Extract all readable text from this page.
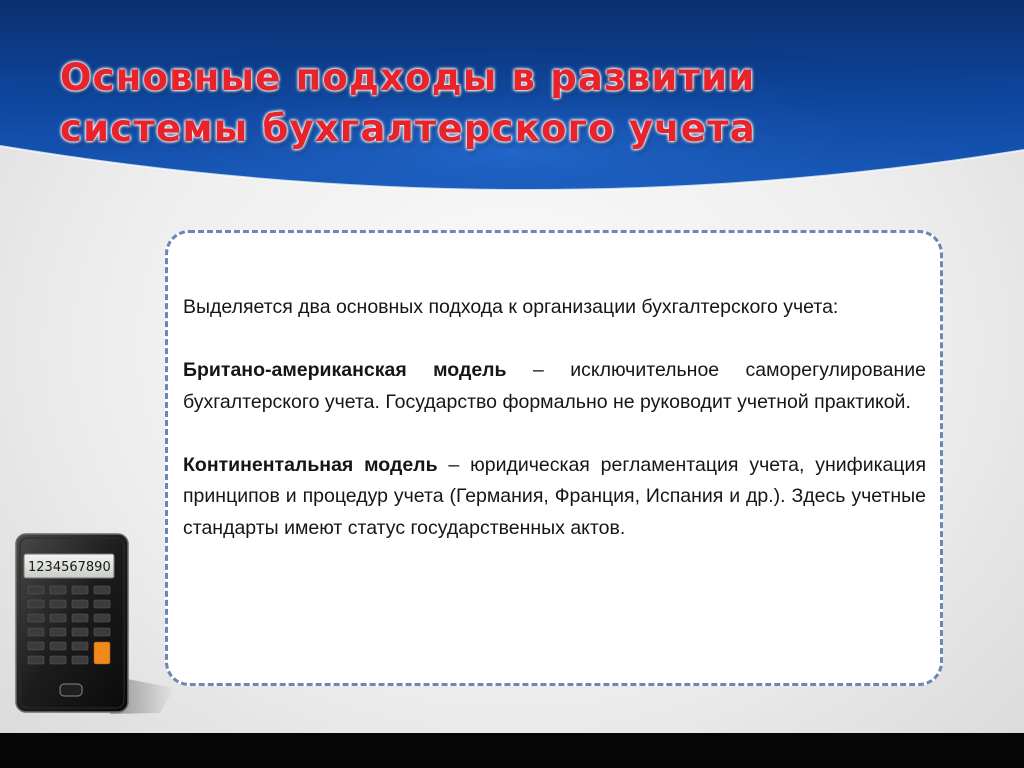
Основные подходы в развитии
системы бухгалтерского учета

Выделяется два основных подхода к организации бухгалтерского учета:

Британо-американская модель – исключительное саморегулирование бухгалтерского учета. Государство формально не руководит учетной практикой.

Континентальная модель – юридическая регламентация учета, унификация принципов и процедур учета (Германия, Франция, Испания и др.). Здесь учетные стандарты имеют статус государственных актов.

1234567890
